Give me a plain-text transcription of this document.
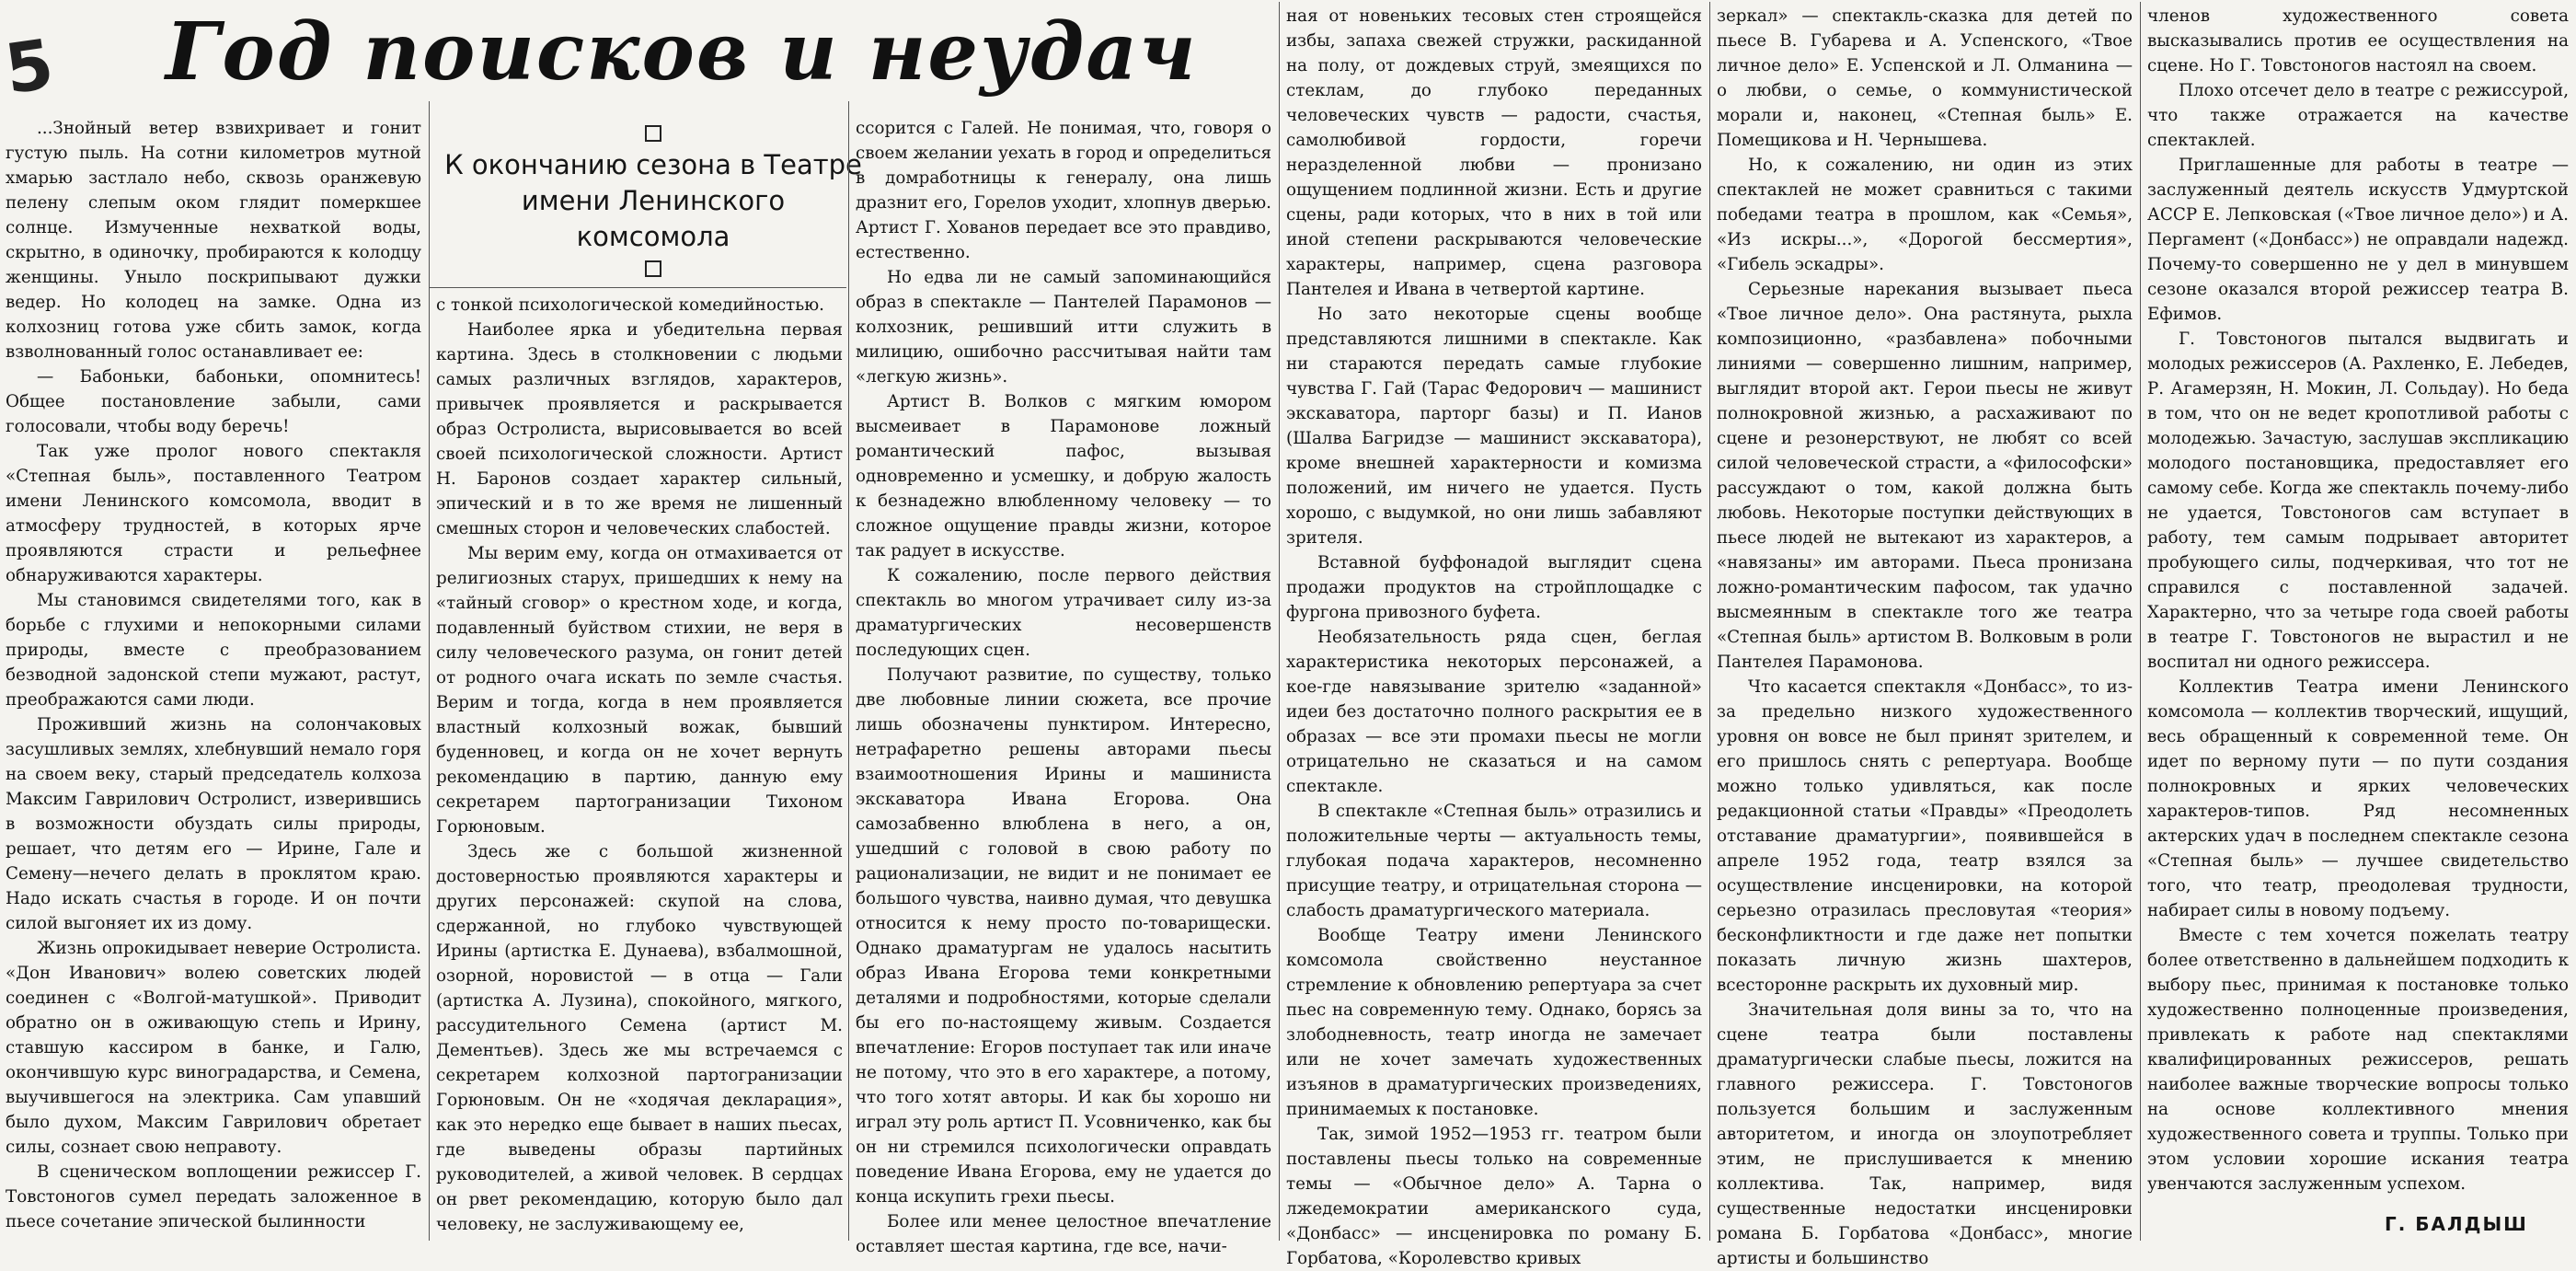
5 Год поисков и неудач
К окончанию сезона в Театре имени Ленинского комсомола

...Знойный ветер взвихривает и гонит густую пыль. На сотни километров мутной хмарью застлало небо, сквозь оранжевую пелену слепым оком глядит померкшее солнце. Измученные нехваткой воды, скрытно, в одиночку, пробираются к колодцу женщины. Уныло поскрипывают дужки ведер. Но колодец на замке. Одна из колхозниц готова уже сбить замок, когда взволнованный голос останавливает ее:

— Бабоньки, бабоньки, опомнитесь! Общее постановление забыли, сами голосовали, чтобы воду беречь!

Так уже пролог нового спектакля «Степная быль», поставленного Театром имени Ленинского комсомола, вводит в атмосферу трудностей, в которых ярче проявляются страсти и рельефнее обнаруживаются характеры.

Мы становимся свидетелями того, как в борьбе с глухими и непокорными силами природы, вместе с преобразованием безводной задонской степи мужают, растут, преображаются сами люди.

Проживший жизнь на солончаковых засушливых землях, хлебнувший немало горя на своем веку, старый председатель колхоза Максим Гаврилович Остролист, изверившись в возможности обуздать силы природы, решает, что детям его — Ирине, Гале и Семену—нечего делать в проклятом краю. Надо искать счастья в городе. И он почти силой выгоняет их из дому.

Жизнь опрокидывает неверие Остролиста. «Дон Иванович» волею советских людей соединен с «Волгой-матушкой». Приводит обратно он в оживающую степь и Ирину, ставшую кассиром в банке, и Галю, окончившую курс виноградарства, и Семена, выучившегося на электрика. Сам упавший было духом, Максим Гаврилович обретает силы, сознает свою неправоту.

В сценическом воплощении режиссер Г. Товстоногов сумел передать заложенное в пьесе сочетание эпической былинности

с тонкой психологической комедийностью.

Наиболее ярка и убедительна первая картина. Здесь в столкновении с людьми самых различных взглядов, характеров, привычек проявляется и раскрывается образ Остролиста, вырисовывается во всей своей психологической сложности. Артист Н. Баронов создает характер сильный, эпический и в то же время не лишенный смешных сторон и человеческих слабостей.

Мы верим ему, когда он отмахивается от религиозных старух, пришедших к нему на «тайный сговор» о крестном ходе, и когда, подавленный буйством стихии, не веря в силу человеческого разума, он гонит детей от родного очага искать по земле счастья. Верим и тогда, когда в нем проявляется властный колхозный вожак, бывший буденновец, и когда он не хочет вернуть рекомендацию в партию, данную ему секретарем партогранизации Тихоном Горюновым.

Здесь же с большой жизненной достоверностью проявляются характеры и других персонажей: скупой на слова, сдержанной, но глубоко чувствующей Ирины (артистка Е. Дунаева), взбалмошной, озорной, норовистой — в отца — Гали (артистка А. Лузина), спокойного, мягкого, рассудительного Семена (артист М. Дементьев). Здесь же мы встречаемся с секретарем колхозной партогранизации Горюновым. Он не «ходячая декларация», как это нередко еще бывает в наших пьесах, где выведены образы партийных руководителей, а живой человек. В сердцах он рвет рекомендацию, которую было дал человеку, не заслуживающему ее,

ссорится с Галей. Не понимая, что, говоря о своем желании уехать в город и определиться в домработницы к генералу, она лишь дразнит его, Горелов уходит, хлопнув дверью. Артист Г. Хованов передает все это правдиво, естественно.

Но едва ли не самый запоминающийся образ в спектакле — Пантелей Парамонов — колхозник, решивший итти служить в милицию, ошибочно рассчитывая найти там «легкую жизнь».

Артист В. Волков с мягким юмором высмеивает в Парамонове ложный романтический пафос, вызывая одновременно и усмешку, и добрую жалость к безнадежно влюбленному человеку — то сложное ощущение правды жизни, которое так радует в искусстве.

К сожалению, после первого действия спектакль во многом утрачивает силу из-за драматургических несовершенств последующих сцен.

Получают развитие, по существу, только две любовные линии сюжета, все прочие лишь обозначены пунктиром. Интересно, нетрафаретно решены авторами пьесы взаимоотношения Ирины и машиниста экскаватора Ивана Егорова. Она самозабвенно влюблена в него, а он, ушедший с головой в свою работу по рационализации, не видит и не понимает ее большого чувства, наивно думая, что девушка относится к нему просто по-товарищески. Однако драматургам не удалось насытить образ Ивана Егорова теми конкретными деталями и подробностями, которые сделали бы его по-настоящему живым. Создается впечатление: Егоров поступает так или иначе не потому, что это в его характере, а потому, что того хотят авторы. И как бы хорошо ни играл эту роль артист П. Усовниченко, как бы он ни стремился психологически оправдать поведение Ивана Егорова, ему не удается до конца искупить грехи пьесы.

Более или менее целостное впечатление оставляет шестая картина, где все, начи-

ная от новеньких тесовых стен строящейся избы, запаха свежей стружки, раскиданной на полу, от дождевых струй, змеящихся по стеклам, до глубоко переданных человеческих чувств — радости, счастья, самолюбивой гордости, горечи неразделенной любви — пронизано ощущением подлинной жизни. Есть и другие сцены, ради которых, что в них в той или иной степени раскрываются человеческие характеры, например, сцена разговора Пантелея и Ивана в четвертой картине.

Но зато некоторые сцены вообще представляются лишними в спектакле. Как ни стараются передать самые глубокие чувства Г. Гай (Тарас Федорович — машинист экскаватора, парторг базы) и П. Ианов (Шалва Багридзе — машинист экскаватора), кроме внешней характерности и комизма положений, им ничего не удается. Пусть хорошо, с выдумкой, но они лишь забавляют зрителя.

Вставной буффонадой выглядит сцена продажи продуктов на стройплощадке с фургона привозного буфета.

Необязательность ряда сцен, беглая характеристика некоторых персонажей, а кое-где навязывание зрителю «заданной» идеи без достаточно полного раскрытия ее в образах — все эти промахи пьесы не могли отрицательно не сказаться и на самом спектакле.

В спектакле «Степная быль» отразились и положительные черты — актуальность темы, глубокая подача характеров, несомненно присущие театру, и отрицательная сторона — слабость драматургического материала.

Вообще Театру имени Ленинского комсомола свойственно неустанное стремление к обновлению репертуара за счет пьес на современную тему. Однако, борясь за злободневность, театр иногда не замечает или не хочет замечать художественных изъянов в драматургических произведениях, принимаемых к постановке.

Так, зимой 1952—1953 гг. театром были поставлены пьесы только на современные темы — «Обычное дело» А. Тарна о лжедемократии американского суда, «Донбасс» — инсценировка по роману Б. Горбатова, «Королевство кривых

зеркал» — спектакль-сказка для детей по пьесе В. Губарева и А. Успенского, «Твое личное дело» Е. Успенской и Л. Олманина — о любви, о семье, о коммунистической морали и, наконец, «Степная быль» Е. Помещикова и Н. Чернышева.

Но, к сожалению, ни один из этих спектаклей не может сравниться с такими победами театра в прошлом, как «Семья», «Из искры...», «Дорогой бессмертия», «Гибель эскадры».

Серьезные нарекания вызывает пьеса «Твое личное дело». Она растянута, рыхла композиционно, «разбавлена» побочными линиями — совершенно лишним, например, выглядит второй акт. Герои пьесы не живут полнокровной жизнью, а расхаживают по сцене и резонерствуют, не любят со всей силой человеческой страсти, а «философски» рассуждают о том, какой должна быть любовь. Некоторые поступки действующих в пьесе людей не вытекают из характеров, а «навязаны» им авторами. Пьеса пронизана ложно-романтическим пафосом, так удачно высмеянным в спектакле того же театра «Степная быль» артистом В. Волковым в роли Пантелея Парамонова.

Что касается спектакля «Донбасс», то из-за предельно низкого художественного уровня он вовсе не был принят зрителем, и его пришлось снять с репертуара. Вообще можно только удивляться, как после редакционной статьи «Правды» «Преодолеть отставание драматургии», появившейся в апреле 1952 года, театр взялся за осуществление инсценировки, на которой серьезно отразилась пресловутая «теория» бесконфликтности и где даже нет попытки показать личную жизнь шахтеров, всесторонне раскрыть их духовный мир.

Значительная доля вины за то, что на сцене театра были поставлены драматургически слабые пьесы, ложится на главного режиссера. Г. Товстоногов пользуется большим и заслуженным авторитетом, и иногда он злоупотребляет этим, не прислушивается к мнению коллектива. Так, например, видя существенные недостатки инсценировки романа Б. Горбатова «Донбасс», многие артисты и большинство

членов художественного совета высказывались против ее осуществления на сцене. Но Г. Товстоногов настоял на своем.

Плохо отсечет дело в театре с режиссурой, что также отражается на качестве спектаклей.

Приглашенные для работы в театре — заслуженный деятель искусств Удмуртской АССР Е. Лепковская («Твое личное дело») и А. Пергамент («Донбасс») не оправдали надежд. Почему-то совершенно не у дел в минувшем сезоне оказался второй режиссер театра В. Ефимов.

Г. Товстоногов пытался выдвигать и молодых режиссеров (А. Рахленко, Е. Лебедев, Р. Агамерзян, Н. Мокин, Л. Сольдау). Но беда в том, что он не ведет кропотливой работы с молодежью. Зачастую, заслушав экспликацию молодого постановщика, предоставляет его самому себе. Когда же спектакль почему-либо не удается, Товстоногов сам вступает в работу, тем самым подрывает авторитет пробующего силы, подчеркивая, что тот не справился с поставленной задачей. Характерно, что за четыре года своей работы в театре Г. Товстоногов не вырастил и не воспитал ни одного режиссера.

Коллектив Театра имени Ленинского комсомола — коллектив творческий, ищущий, весь обращенный к современной теме. Он идет по верному пути — по пути создания полнокровных и ярких человеческих характеров-типов. Ряд несомненных актерских удач в последнем спектакле сезона «Степная быль» — лучшее свидетельство того, что театр, преодолевая трудности, набирает силы в новому подъему.

Вместе с тем хочется пожелать театру более ответственно в дальнейшем подходить к выбору пьес, принимая к постановке только художественно полноценные произведения, привлекать к работе над спектаклями квалифицированных режиссеров, решать наиболее важные творческие вопросы только на основе коллективного мнения художественного совета и труппы. Только при этом условии хорошие искания театра увенчаются заслуженным успехом.

Г. БАЛДЫШ
